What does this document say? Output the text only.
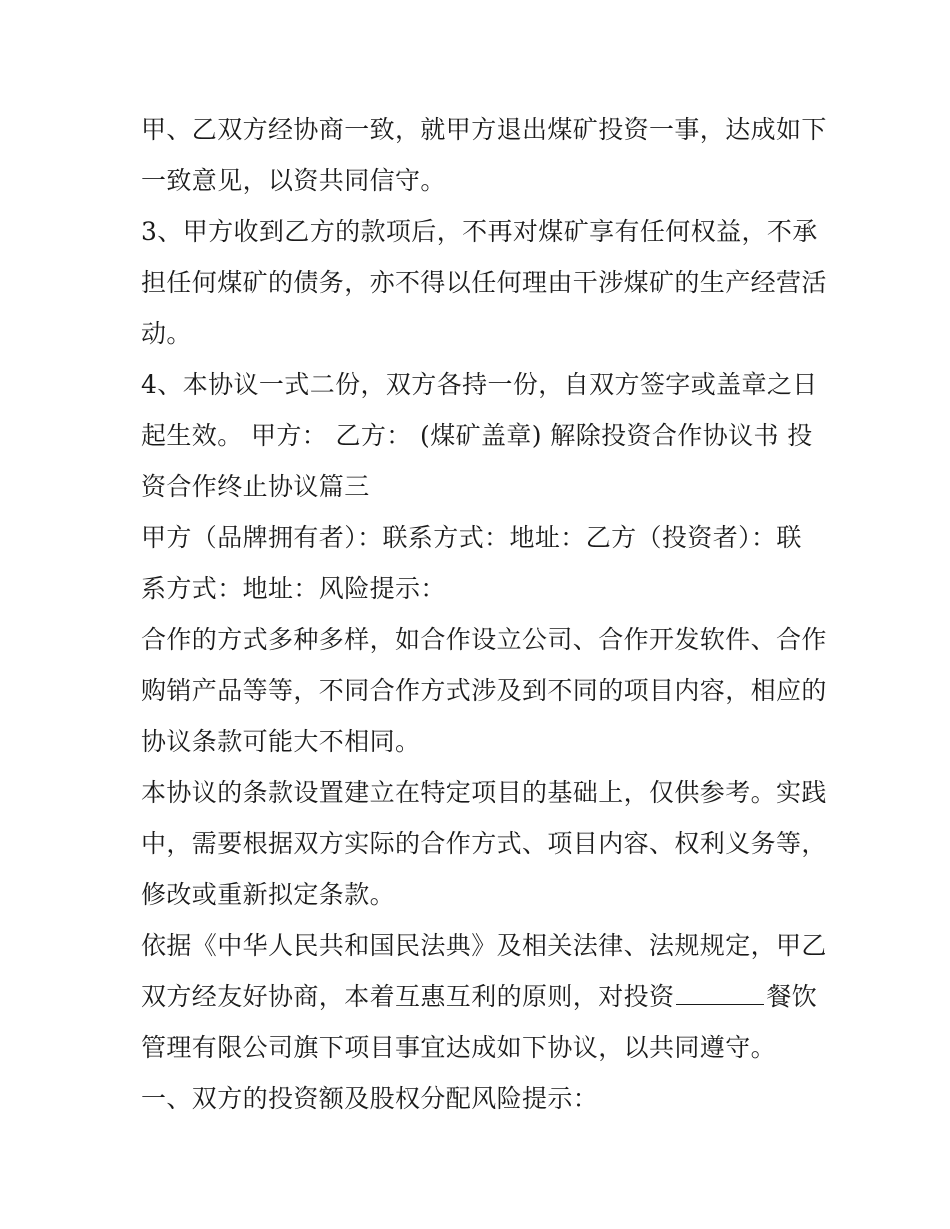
甲、乙双方经协商一致，就甲方退出煤矿投资一事，达成如下
一致意见，以资共同信守。
3、甲方收到乙方的款项后，不再对煤矿享有任何权益，不承
担任何煤矿的债务，亦不得以任何理由干涉煤矿的生产经营活
动。
4、本协议一式二份，双方各持一份，自双方签字或盖章之日
起生效。 甲方： 乙方： (煤矿盖章) 解除投资合作协议书 投
资合作终止协议篇三
甲方（品牌拥有者）：联系方式：地址：乙方（投资者）：联
系方式：地址：风险提示：
合作的方式多种多样，如合作设立公司、合作开发软件、合作
购销产品等等，不同合作方式涉及到不同的项目内容，相应的
协议条款可能大不相同。
本协议的条款设置建立在特定项目的基础上，仅供参考。实践
中，需要根据双方实际的合作方式、项目内容、权利义务等，
修改或重新拟定条款。
依据《中华人民共和国民法典》及相关法律、法规规定，甲乙
双方经友好协商，本着互惠互利的原则，对投资	餐饮
管理有限公司旗下项目事宜达成如下协议，以共同遵守。
一、双方的投资额及股权分配风险提示：
